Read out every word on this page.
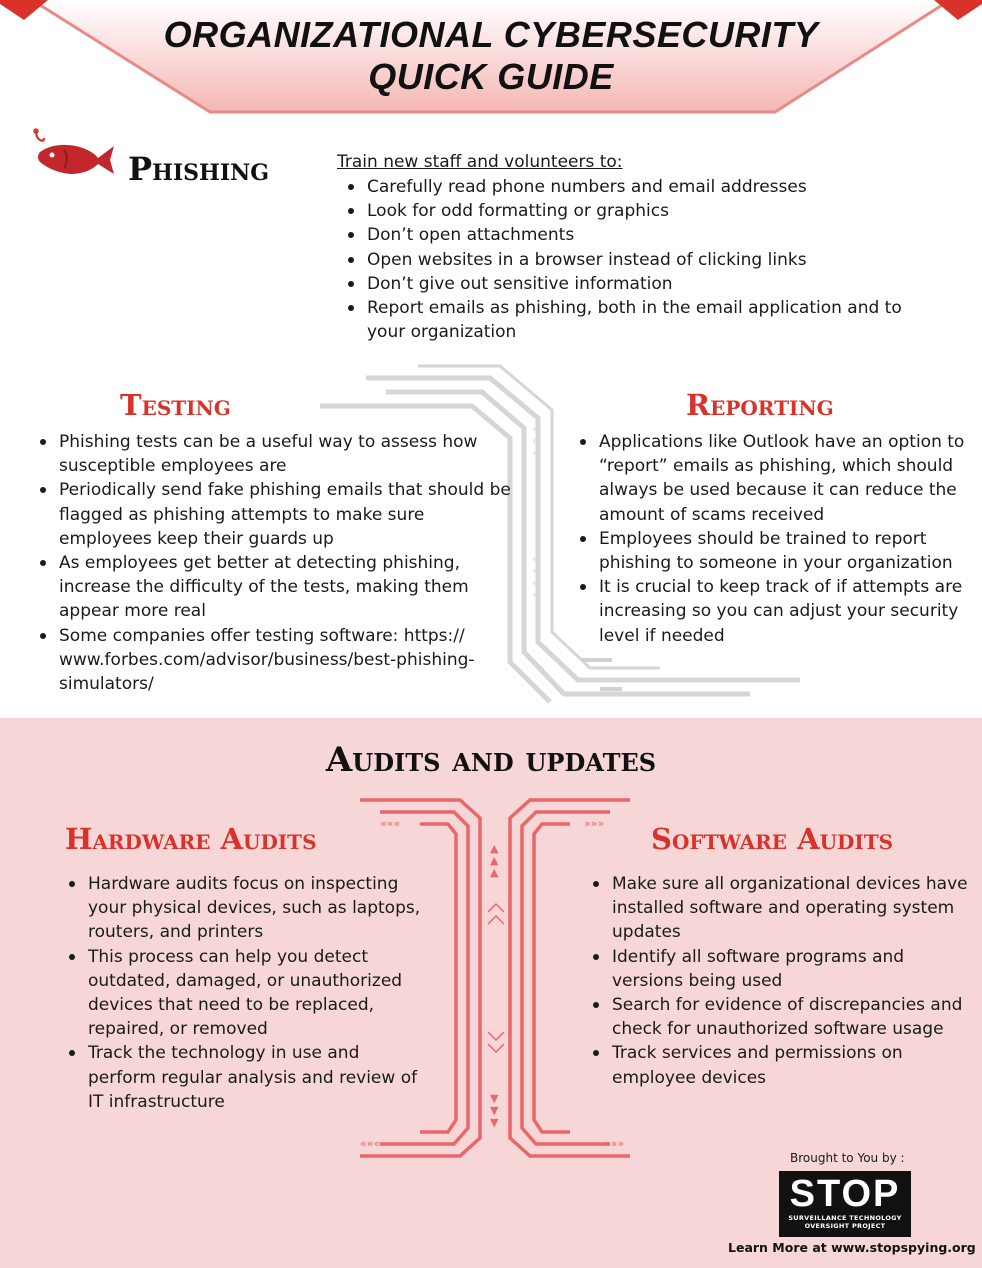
ORGANIZATIONAL CYBERSECURITY
QUICK GUIDE
Phishing	Train new staff and volunteers to:
Carefully read phone numbers and email addresses
Look for odd formatting or graphics
Don’t open attachments
Open websites in a browser instead of clicking links
Don’t give out sensitive information
Report emails as phishing, both in the email application and to your organization
»
»
»
«
«
«
«
Testing
Phishing tests can be a useful way to assess how susceptible employees are
Periodically send fake phishing emails that should be flagged as phishing attempts to make sure employees keep their guards up
As employees get better at detecting phishing, increase the difficulty of the tests, making them appear more real
Some companies offer testing software: https:// www.forbes.com/advisor/business/best-phishing-simulators/
Reporting
Applications like Outlook have an option to “report” emails as phishing, which should always be used because it can reduce the amount of scams received
Employees should be trained to report phishing to someone in your organization
It is crucial to keep track of if attempts are increasing so you can adjust your security level if needed
Audits and updates
«««	»»»
«««	»»»
▲
▲
▲
▼
▼
▼
Hardware Audits
Hardware audits focus on inspecting your physical devices, such as laptops, routers, and printers
This process can help you detect outdated, damaged, or unauthorized devices that need to be replaced, repaired, or removed
Track the technology in use and perform regular analysis and review of IT infrastructure
Software Audits
Make sure all organizational devices have installed software and operating system updates
Identify all software programs and versions being used
Search for evidence of discrepancies and check for unauthorized software usage
Track services and permissions on employee devices
Brought to You by :
STOP
SURVEILLANCE TECHNOLOGY
OVERSIGHT PROJECT
Learn More at www.stopspying.org
